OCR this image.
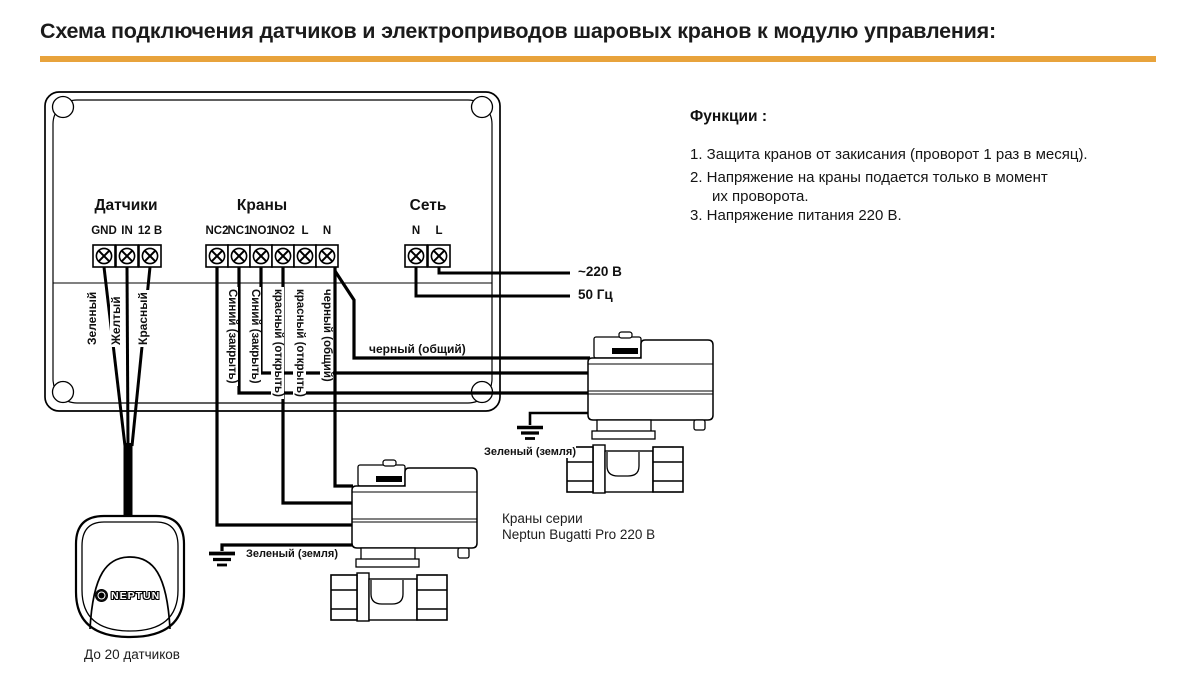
Схема подключения датчиков и электроприводов шаровых кранов к модулю управления:
Функции :
1. Защита кранов от закисания (проворот 1 раз в месяц).
2. Напряжение на краны подается только в момент
их проворота.
3. Напряжение питания 220 В.
Датчики	Краны	Сеть
GND IN 12 В	NC2
NC1
NO1
NO2 L	N	N	L
Зеленый Желтый Красный	Синий (закрыть) Синий (закрыть) красный (открыть) красный (открыть) черный (общий)	черный (общий)
~220 В
50 Гц
Зеленый (земля)
Зеленый (земля)
Краны серии
Neptun Bugatti Pro 220 В
NEPTUN
До 20 датчиков
